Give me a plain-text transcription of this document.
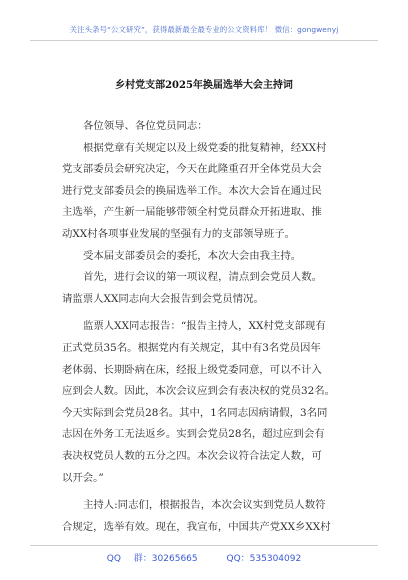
关注头条号“公文研究”，获得最新最全最专业的公文资料库！ 微信：gongwenyj
乡村党支部2025年换届选举大会主持词
各位领导、各位党员同志：
根据党章有关规定以及上级党委的批复精神，经XX村
党支部委员会研究决定，今天在此隆重召开全体党员大会
进行党支部委员会的换届选举工作。本次大会旨在通过民
主选举，产生新一届能够带领全村党员群众开拓进取、推
动XX村各项事业发展的坚强有力的支部领导班子。
受本届支部委员会的委托，本次大会由我主持。
首先，进行会议的第一项议程，清点到会党员人数。
请监票人XX同志向大会报告到会党员情况。
监票人XX同志报告：“报告主持人，XX村党支部现有
正式党员35名。根据党内有关规定，其中有3名党员因年
老体弱、长期卧病在床，经报上级党委同意，可以不计入
应到会人数。因此，本次会议应到会有表决权的党员32名。
今天实际到会党员28名。其中，1名同志因病请假，3名同
志因在外务工无法返乡。实到会党员28名，超过应到会有
表决权党员人数的五分之四。本次会议符合法定人数，可
以开会。”
主持人:同志们，根据报告，本次会议实到党员人数符
合规定，选举有效。现在，我宣布，中国共产党XX乡XX村
QQ 群：30265665	QQ：535304092
